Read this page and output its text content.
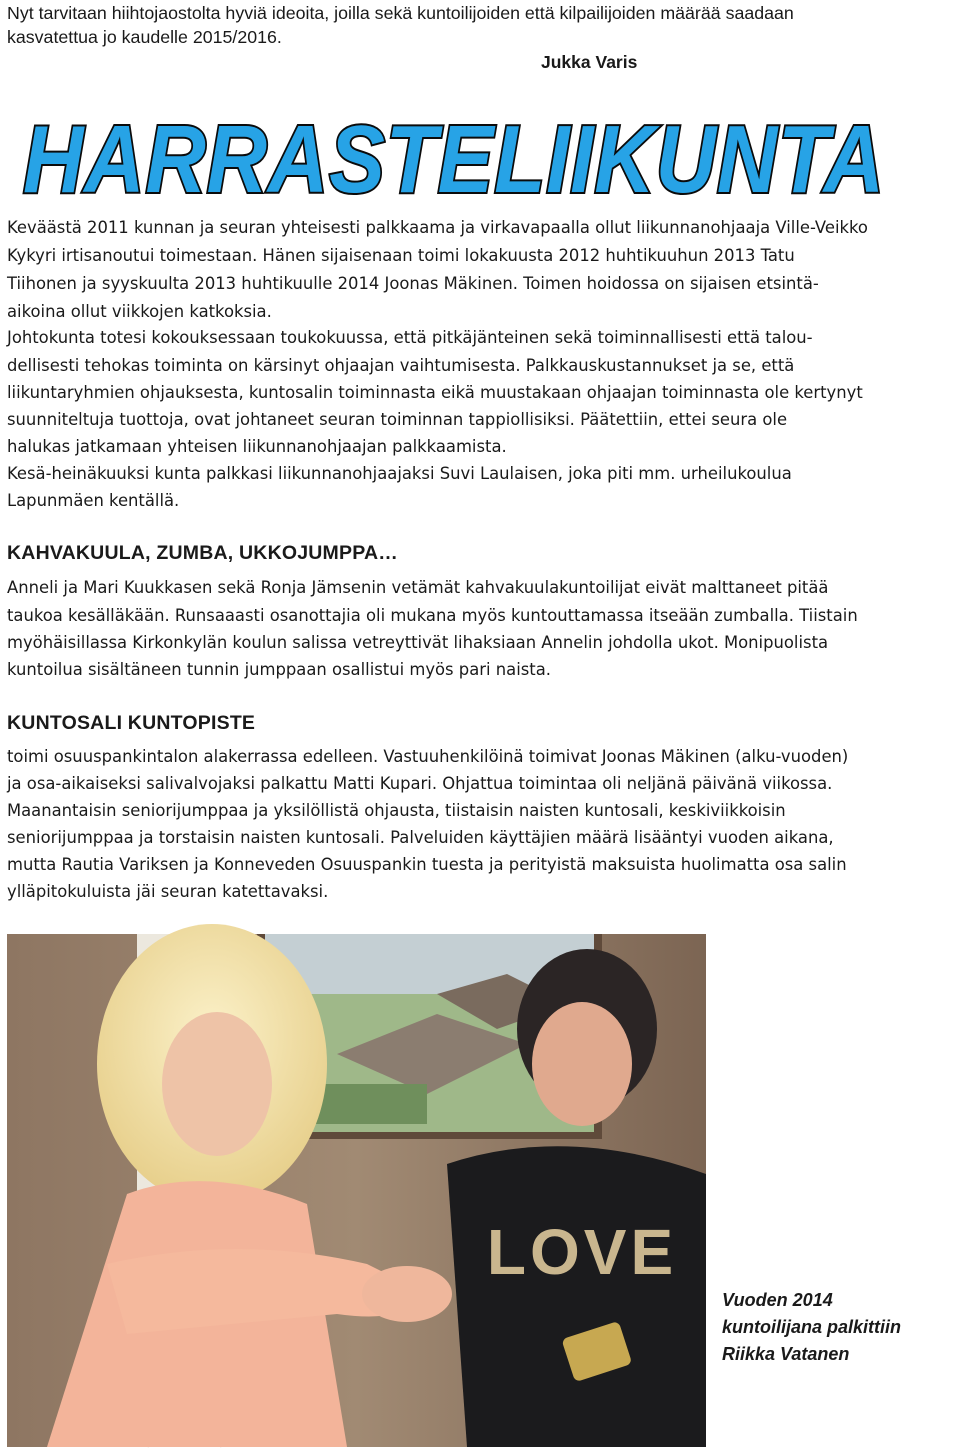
Nyt tarvitaan hiihtojaostolta hyviä ideoita, joilla sekä kuntoilijoiden että kilpailijoiden määrää saadaan
kasvatettua jo kaudelle 2015/2016.
Jukka Varis
HARRASTELIIKUNTA
Keväästä 2011 kunnan ja seuran yhteisesti palkkaama ja virkavapaalla ollut liikunnanohjaaja Ville-Veikko
Kykyri irtisanoutui toimestaan. Hänen sijaisenaan toimi lokakuusta 2012 huhtikuuhun 2013 Tatu
Tiihonen ja syyskuulta 2013 huhtikuulle 2014 Joonas Mäkinen. Toimen hoidossa on sijaisen etsintä-
aikoina ollut viikkojen katkoksia.
Johtokunta totesi kokouksessaan toukokuussa, että pitkäjänteinen sekä toiminnallisesti että talou-
dellisesti tehokas toiminta on kärsinyt ohjaajan vaihtumisesta. Palkkauskustannukset ja se, että
liikuntaryhmien ohjauksesta, kuntosalin toiminnasta eikä muustakaan ohjaajan toiminnasta ole kertynyt
suunniteltuja tuottoja, ovat johtaneet seuran toiminnan tappiollisiksi. Päätettiin, ettei seura ole
halukas jatkamaan yhteisen liikunnanohjaajan palkkaamista.
Kesä-heinäkuuksi kunta palkkasi liikunnanohjaajaksi Suvi Laulaisen, joka piti mm. urheilukoulua
Lapunmäen kentällä.
KAHVAKUULA, ZUMBA, UKKOJUMPPA…
Anneli ja Mari Kuukkasen sekä Ronja Jämsenin vetämät kahvakuulakuntoilijat eivät malttaneet pitää
taukoa kesälläkään. Runsaaasti osanottajia oli mukana myös kuntouttamassa itseään zumballa. Tiistain
myöhäisillassa Kirkonkylän koulun salissa vetreyttivät lihaksiaan Annelin johdolla ukot. Monipuolista
kuntoilua sisältäneen tunnin jumppaan osallistui myös pari naista.
KUNTOSALI KUNTOPISTE
toimi osuuspankintalon alakerrassa edelleen. Vastuuhenkilöinä toimivat Joonas Mäkinen (alku-vuoden)
ja osa-aikaiseksi salivalvojaksi palkattu Matti Kupari. Ohjattua toimintaa oli neljänä päivänä viikossa.
Maanantaisin seniorijumppaa ja yksilöllistä ohjausta, tiistaisin naisten kuntosali, keskiviikkoisin
seniorijumppaa ja torstaisin naisten kuntosali. Palveluiden käyttäjien määrä lisääntyi vuoden aikana,
mutta Rautia Variksen ja Konneveden Osuuspankin tuesta ja perityistä maksuista huolimatta osa salin
ylläpitokuluista jäi seuran katettavaksi.
LOVE
Vuoden 2014
kuntoilijana palkittiin
Riikka Vatanen
